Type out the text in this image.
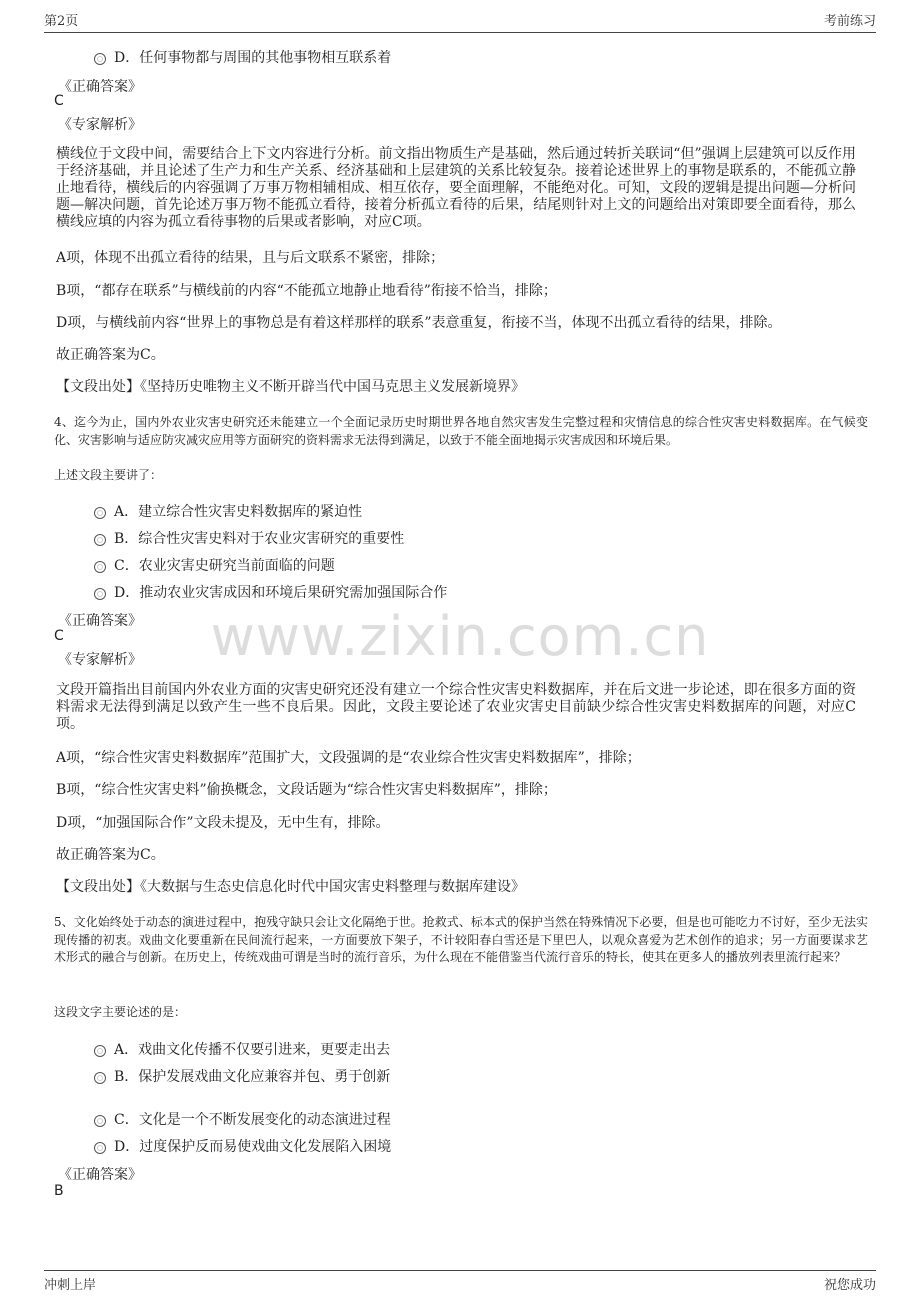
第2页	考前练习
www.zixin.com.cn
D．任何事物都与周围的其他事物相互联系着
《正确答案》
C
《专家解析》
横线位于文段中间，需要结合上下文内容进行分析。前文指出物质生产是基础，然后通过转折关联词“但”强调上层建筑可以反作用于经济基础，并且论述了生产力和生产关系、经济基础和上层建筑的关系比较复杂。接着论述世界上的事物是联系的，不能孤立静止地看待，横线后的内容强调了万事万物相辅相成、相互依存，要全面理解，不能绝对化。可知，文段的逻辑是提出问题—分析问题—解决问题，首先论述万事万物不能孤立看待，接着分析孤立看待的后果，结尾则针对上文的问题给出对策即要全面看待，那么横线应填的内容为孤立看待事物的后果或者影响，对应C项。
A项，体现不出孤立看待的结果，且与后文联系不紧密，排除；
B项，“都存在联系”与横线前的内容“不能孤立地静止地看待”衔接不恰当，排除；
D项，与横线前内容“世界上的事物总是有着这样那样的联系”表意重复，衔接不当，体现不出孤立看待的结果，排除。
故正确答案为C。
【文段出处】《坚持历史唯物主义不断开辟当代中国马克思主义发展新境界》
4、迄今为止，国内外农业灾害史研究还未能建立一个全面记录历史时期世界各地自然灾害发生完整过程和灾情信息的综合性灾害史料数据库。在气候变化、灾害影响与适应防灾减灾应用等方面研究的资料需求无法得到满足，以致于不能全面地揭示灾害成因和环境后果。
上述文段主要讲了：
A．建立综合性灾害史料数据库的紧迫性
B．综合性灾害史料对于农业灾害研究的重要性
C．农业灾害史研究当前面临的问题
D．推动农业灾害成因和环境后果研究需加强国际合作
《正确答案》
C
《专家解析》
文段开篇指出目前国内外农业方面的灾害史研究还没有建立一个综合性灾害史料数据库，并在后文进一步论述，即在很多方面的资料需求无法得到满足以致产生一些不良后果。因此，文段主要论述了农业灾害史目前缺少综合性灾害史料数据库的问题，对应C项。
A项，“综合性灾害史料数据库”范围扩大，文段强调的是“农业综合性灾害史料数据库”，排除；
B项，“综合性灾害史料”偷换概念，文段话题为“综合性灾害史料数据库”，排除；
D项，“加强国际合作”文段未提及，无中生有，排除。
故正确答案为C。
【文段出处】《大数据与生态史信息化时代中国灾害史料整理与数据库建设》
5、文化始终处于动态的演进过程中，抱残守缺只会让文化隔绝于世。抢救式、标本式的保护当然在特殊情况下必要，但是也可能吃力不讨好，至少无法实现传播的初衷。戏曲文化要重新在民间流行起来，一方面要放下架子，不计较阳春白雪还是下里巴人，以观众喜爱为艺术创作的追求；另一方面要谋求艺术形式的融合与创新。在历史上，传统戏曲可谓是当时的流行音乐，为什么现在不能借鉴当代流行音乐的特长，使其在更多人的播放列表里流行起来？
这段文字主要论述的是：
A．戏曲文化传播不仅要引进来，更要走出去
B．保护发展戏曲文化应兼容并包、勇于创新
C．文化是一个不断发展变化的动态演进过程
D．过度保护反而易使戏曲文化发展陷入困境
《正确答案》
B
冲刺上岸	祝您成功
